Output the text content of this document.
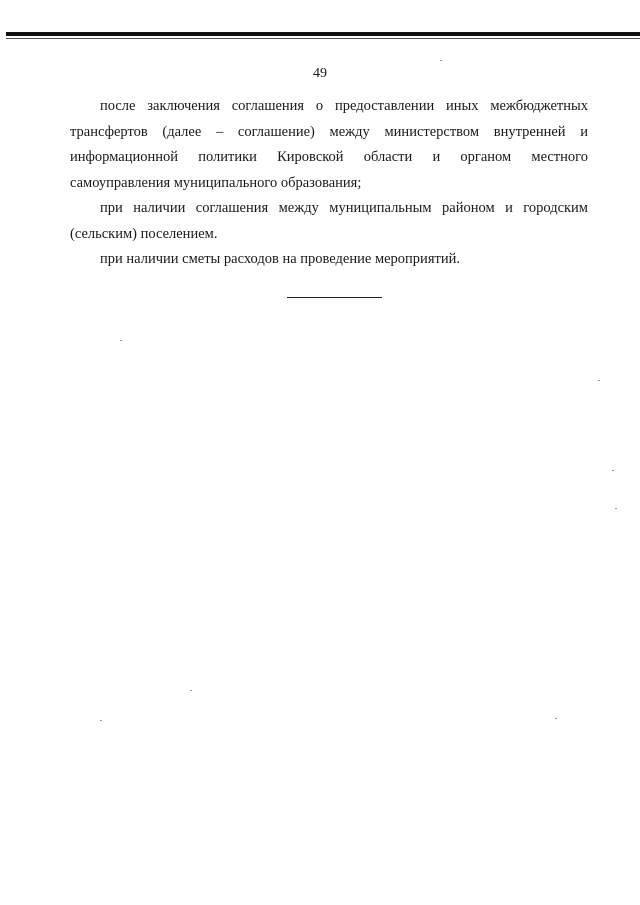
49

после заключения соглашения о предоставлении иных межбюджетных трансфертов (далее – соглашение) между министерством внутренней и информационной политики Кировской области и органом местного самоуправления муниципального образования;

при наличии соглашения между муниципальным районом и городским (сельским) поселением.

при наличии сметы расходов на проведение мероприятий.
